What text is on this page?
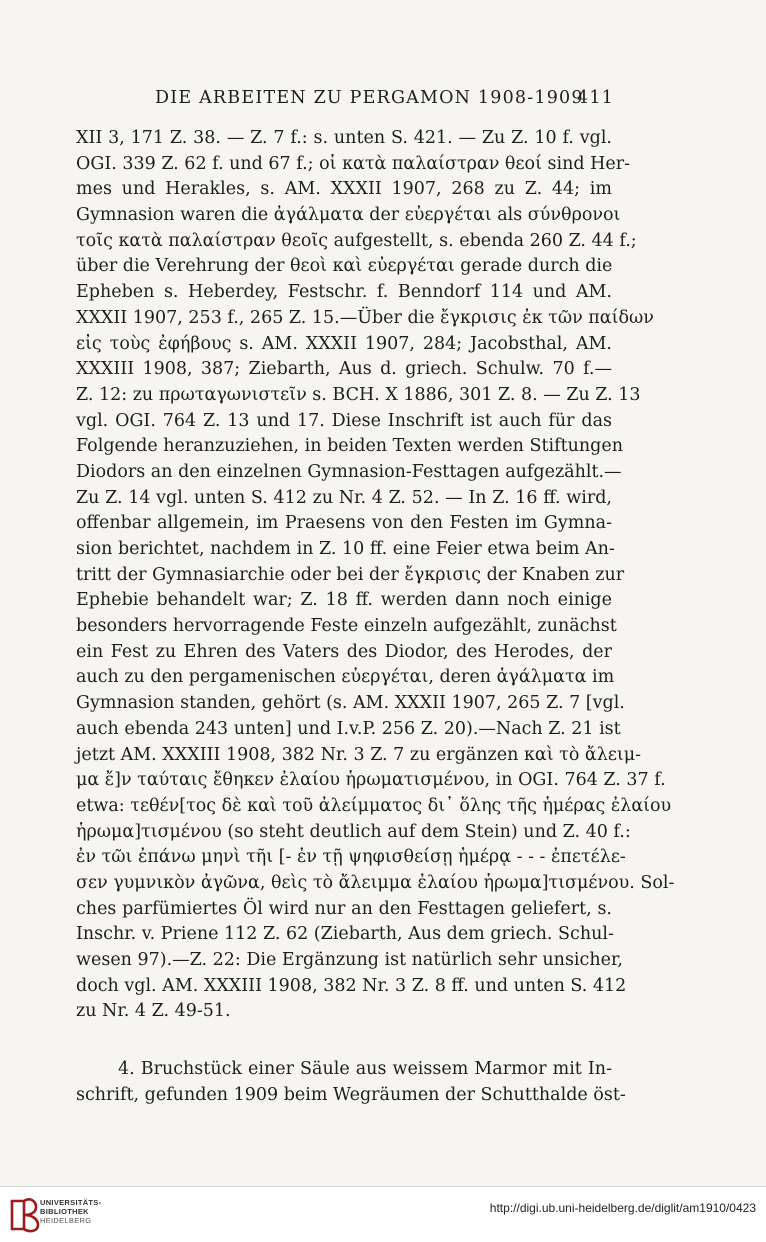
DIE ARBEITEN ZU PERGAMON 1908-1909
411
XII 3, 171 Z. 38. — Z. 7 f.: s. unten S. 421. — Zu Z. 10 f. vgl.
OGI. 339 Z. 62 f. und 67 f.; οἱ κατὰ παλαίστραν θεοί sind Her-
mes und Herakles, s. AM. XXXII 1907, 268 zu Z. 44; im
Gymnasion waren die ἀγάλματα der εὐεργέται als σύνθρονοι
τοῖς κατὰ παλαίστραν θεοῖς aufgestellt, s. ebenda 260 Z. 44 f.;
über die Verehrung der θεοὶ καὶ εὐεργέται gerade durch die
Epheben s. Heberdey, Festschr. f. Benndorf 114 und AM.
XXXII 1907, 253 f., 265 Z. 15.—Über die ἔγκρισις ἐκ τῶν παίδων
εἰς τοὺς ἐφήβους s. AM. XXXII 1907, 284; Jacobsthal, AM.
XXXIII 1908, 387; Ziebarth, Aus d. griech. Schulw. 70 f.—
Z. 12: zu πρωταγωνιστεῖν s. BCH. X 1886, 301 Z. 8. — Zu Z. 13
vgl. OGI. 764 Z. 13 und 17. Diese Inschrift ist auch für das
Folgende heranzuziehen, in beiden Texten werden Stiftungen
Diodors an den einzelnen Gymnasion-Festtagen aufgezählt.—
Zu Z. 14 vgl. unten S. 412 zu Nr. 4 Z. 52. — In Z. 16 ff. wird,
offenbar allgemein, im Praesens von den Festen im Gymna-
sion berichtet, nachdem in Z. 10 ff. eine Feier etwa beim An-
tritt der Gymnasiarchie oder bei der ἔγκρισις der Knaben zur
Ephebie behandelt war; Z. 18 ff. werden dann noch einige
besonders hervorragende Feste einzeln aufgezählt, zunächst
ein Fest zu Ehren des Vaters des Diodor, des Herodes, der
auch zu den pergamenischen εὐεργέται, deren ἀγάλματα im
Gymnasion standen, gehört (s. AM. XXXII 1907, 265 Z. 7 [vgl.
auch ebenda 243 unten] und I.v.P. 256 Z. 20).—Nach Z. 21 ist
jetzt AM. XXXIII 1908, 382 Nr. 3 Z. 7 zu ergänzen καὶ τὸ ἄλειμ-
μα ἔ]ν ταύταις ἔθηκεν ἐλαίου ἡρωματισμένου, in OGI. 764 Z. 37 f.
etwa: τεθέν[τος δὲ καὶ τοῦ ἀλείμματος δι᾽ ὅλης τῆς ἡμέρας ἐλαίου
ἡρωμα]τισμένου (so steht deutlich auf dem Stein) und Z. 40 f.:
ἐν τῶι ἐπάνω μηνὶ τῆι [- ἐν τῇ ψηφισθείσῃ ἡμέρᾳ - - - ἐπετέλε-
σεν γυμνικὸν ἀγῶνα, θεὶς τὸ ἄλειμμα ἐλαίου ἡρωμα]τισμένου. Sol-
ches parfümiertes Öl wird nur an den Festtagen geliefert, s.
Inschr. v. Priene 112 Z. 62 (Ziebarth, Aus dem griech. Schul-
wesen 97).—Z. 22: Die Ergänzung ist natürlich sehr unsicher,
doch vgl. AM. XXXIII 1908, 382 Nr. 3 Z. 8 ff. und unten S. 412
zu Nr. 4 Z. 49-51.
4. Bruchstück einer Säule aus weissem Marmor mit In-
schrift, gefunden 1909 beim Wegräumen der Schutthalde öst-
UNIVERSITÄTS-
BIBLIOTHEK
HEIDELBERG
http://digi.ub.uni-heidelberg.de/diglit/am1910/0423
